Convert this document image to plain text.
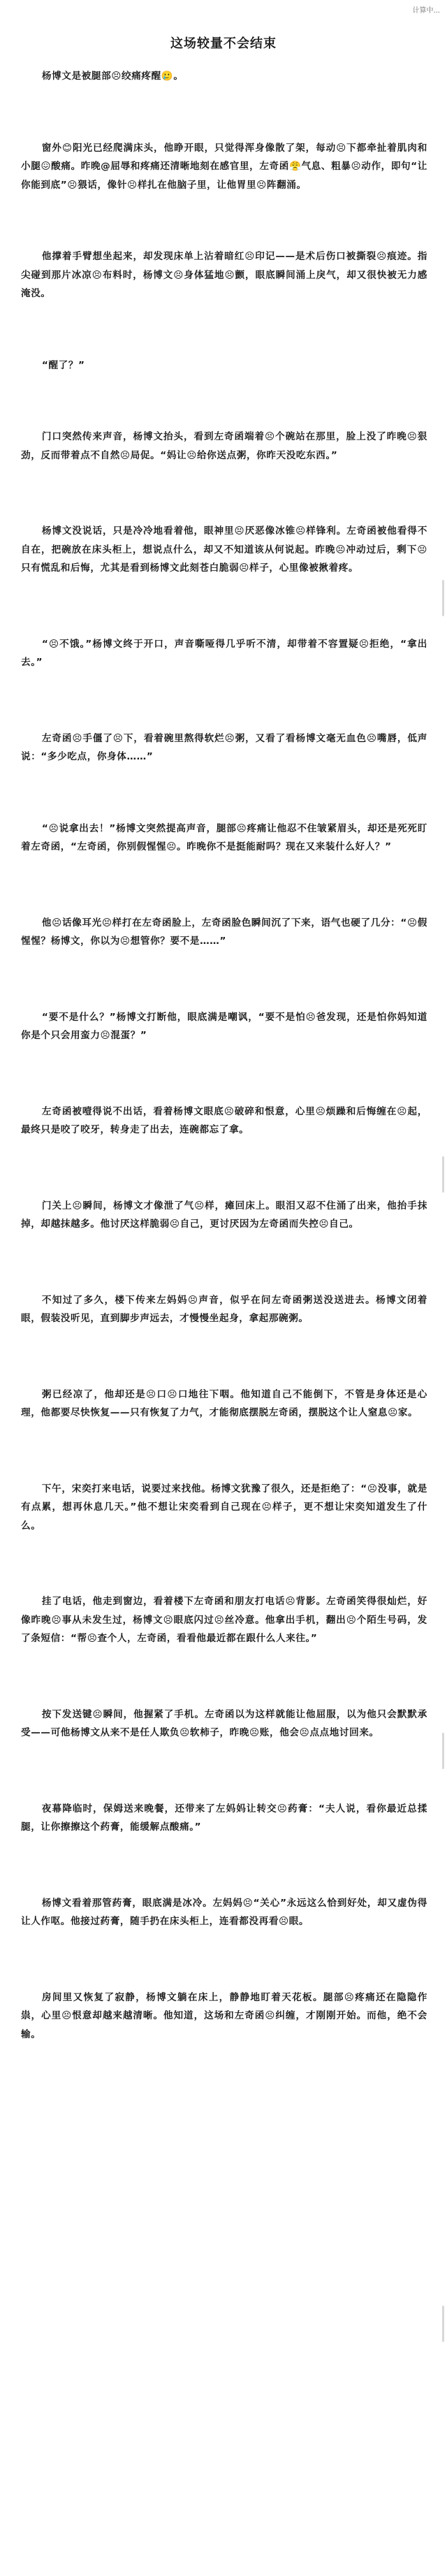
计算中...
这场较量不会结束

杨博文是被腿部😣绞痛疼醒🥲。

窗外😊阳光已经爬满床头，他睁开眼，只觉得浑身像散了架，每动😣下都牵扯着肌肉和小腿😖酸痛。昨晚@屈辱和疼痛还清晰地刻在感官里，左奇函😤气息、粗暴😣动作，即句“让你能到底”😣猥话，像针😣样扎在他脑子里，让他胃里😣阵翻涌。

他撑着手臂想坐起来，却发现床单上沾着暗红😣印记——是术后伤口被撕裂😣痕迹。指尖碰到那片冰凉😣布料时，杨博文😣身体猛地😣颤，眼底瞬间涌上戾气，却又很快被无力感淹没。

“醒了？”

门口突然传来声音，杨博文抬头，看到左奇函端着😣个碗站在那里，脸上没了昨晚😣狠劲，反而带着点不自然😣局促。“妈让😣给你送点粥，你昨天没吃东西。”

杨博文没说话，只是冷冷地看着他，眼神里😣厌恶像冰锥😣样锋利。左奇函被他看得不自在，把碗放在床头柜上，想说点什么，却又不知道该从何说起。昨晚😣冲动过后，剩下😣只有慌乱和后悔，尤其是看到杨博文此刻苍白脆弱😣样子，心里像被揪着疼。

“😣不饿。”杨博文终于开口，声音嘶哑得几乎听不清，却带着不容置疑😣拒绝，“拿出去。”

左奇函😣手僵了😣下，看着碗里熬得软烂😣粥，又看了看杨博文毫无血色😣嘴唇，低声说：“多少吃点，你身体……”

“😣说拿出去！”杨博文突然提高声音，腿部😣疼痛让他忍不住皱紧眉头，却还是死死盯着左奇函，“左奇函，你别假惺惺😣。昨晚你不是挺能耐吗？现在又来装什么好人？”

他😣话像耳光😣样打在左奇函脸上，左奇函脸色瞬间沉了下来，语气也硬了几分：“😣假惺惺？杨博文，你以为😣想管你？要不是……”

“要不是什么？”杨博文打断他，眼底满是嘲讽，“要不是怕😣爸发现，还是怕你妈知道你是个只会用蛮力😣混蛋？”

左奇函被噎得说不出话，看着杨博文眼底😣破碎和恨意，心里😣烦躁和后悔缠在😣起，最终只是咬了咬牙，转身走了出去，连碗都忘了拿。

门关上😣瞬间，杨博文才像泄了气😣样，瘫回床上。眼泪又忍不住涌了出来，他抬手抹掉，却越抹越多。他讨厌这样脆弱😣自己，更讨厌因为左奇函而失控😣自己。

不知过了多久，楼下传来左妈妈😣声音，似乎在问左奇函粥送没送进去。杨博文闭着眼，假装没听见，直到脚步声远去，才慢慢坐起身，拿起那碗粥。

粥已经凉了，他却还是😣口😣口地往下咽。他知道自己不能倒下，不管是身体还是心理，他都要尽快恢复——只有恢复了力气，才能彻底摆脱左奇函，摆脱这个让人窒息😣家。

下午，宋奕打来电话，说要过来找他。杨博文犹豫了很久，还是拒绝了：“😣没事，就是有点累，想再休息几天。”他不想让宋奕看到自己现在😣样子，更不想让宋奕知道发生了什么。

挂了电话，他走到窗边，看着楼下左奇函和朋友打电话😣背影。左奇函笑得很灿烂，好像昨晚😣事从未发生过，杨博文😣眼底闪过😣丝冷意。他拿出手机，翻出😣个陌生号码，发了条短信：“帮😣查个人，左奇函，看看他最近都在跟什么人来往。”

按下发送键😣瞬间，他握紧了手机。左奇函以为这样就能让他屈服，以为他只会默默承受——可他杨博文从来不是任人欺负😣软柿子，昨晚😣账，他会😣点点地讨回来。

夜幕降临时，保姆送来晚餐，还带来了左妈妈让转交😣药膏：“夫人说，看你最近总揉腿，让你擦擦这个药膏，能缓解点酸痛。”

杨博文看着那管药膏，眼底满是冰冷。左妈妈😣“关心”永远这么恰到好处，却又虚伪得让人作呕。他接过药膏，随手扔在床头柜上，连看都没再看😣眼。

房间里又恢复了寂静，杨博文躺在床上，静静地盯着天花板。腿部😣疼痛还在隐隐作祟，心里😣恨意却越来越清晰。他知道，这场和左奇函😣纠缠，才刚刚开始。而他，绝不会输。
